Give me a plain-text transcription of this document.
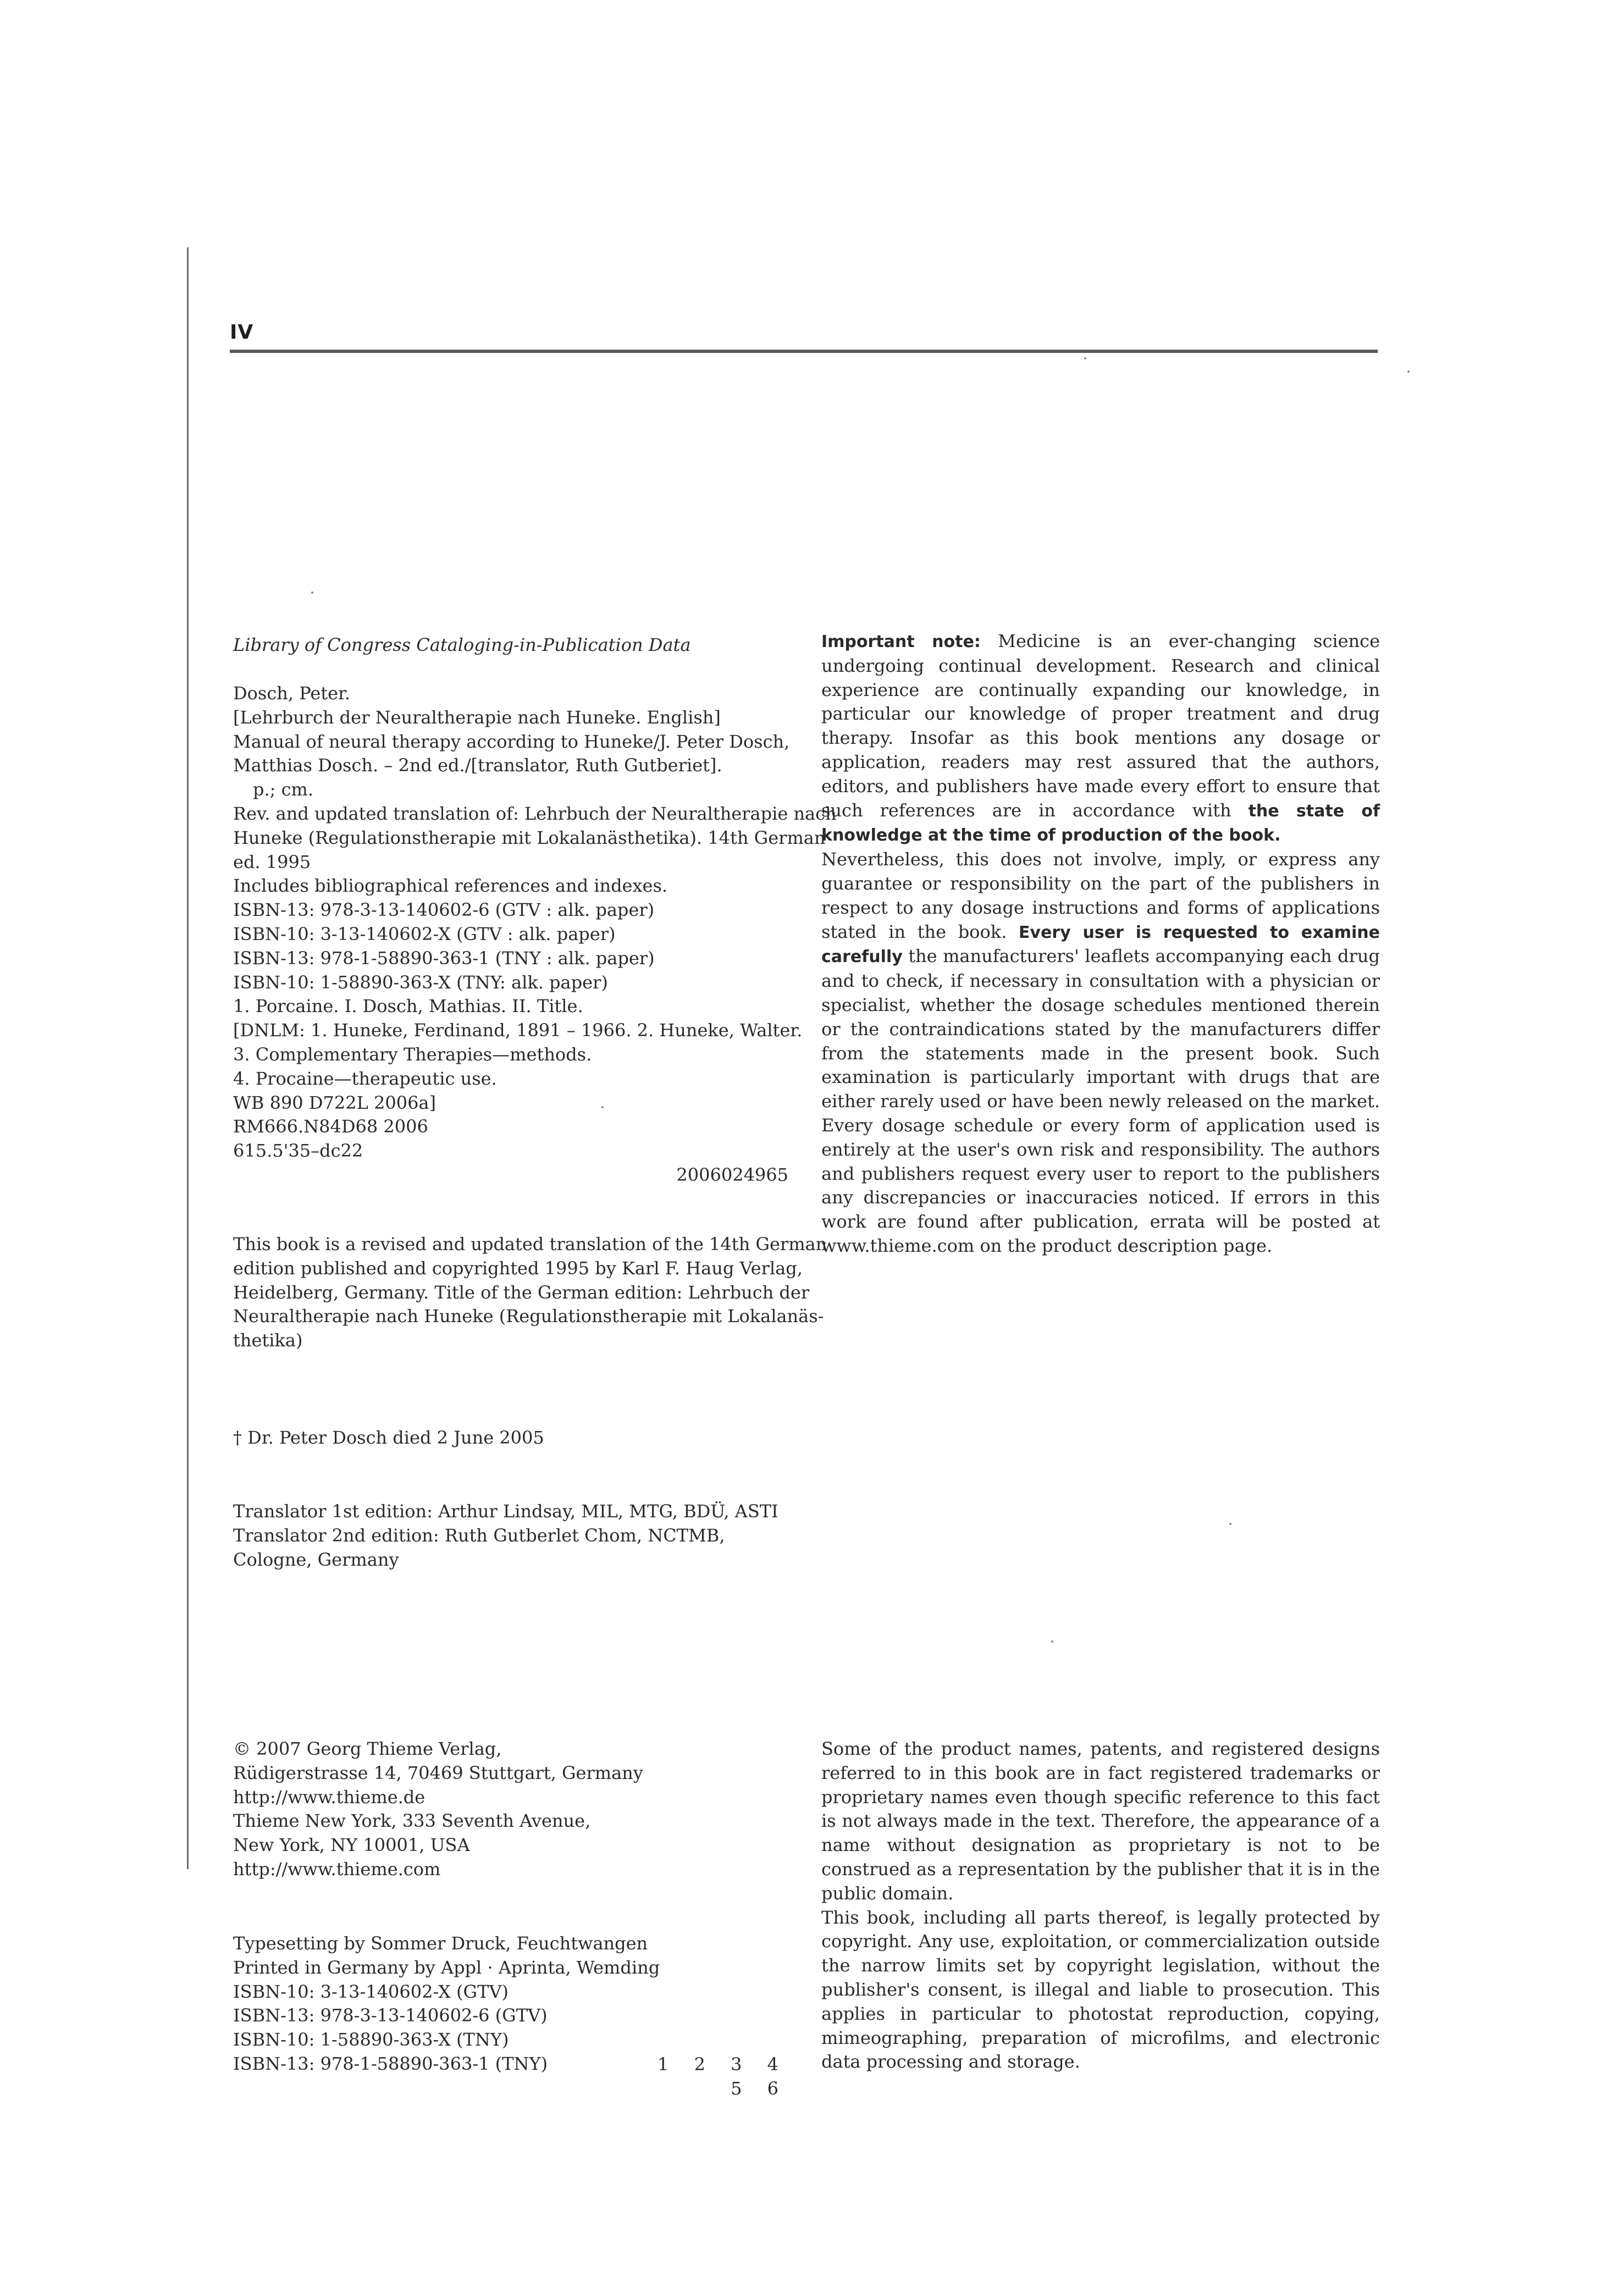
IV
Library of Congress Cataloging-in-Publication Data
Dosch, Peter.
[Lehrburch der Neuraltherapie nach Huneke. English]
Manual of neural therapy according to Huneke/J. Peter Dosch,
Matthias Dosch. – 2nd ed./[translator, Ruth Gutberiet].
p.; cm.
Rev. and updated translation of: Lehrbuch der Neuraltherapie nach
Huneke (Regulationstherapie mit Lokalanästhetika). 14th German
ed. 1995
Includes bibliographical references and indexes.
ISBN-13: 978-3-13-140602-6 (GTV : alk. paper)
ISBN-10: 3-13-140602-X (GTV : alk. paper)
ISBN-13: 978-1-58890-363-1 (TNY : alk. paper)
ISBN-10: 1-58890-363-X (TNY: alk. paper)
1. Porcaine. I. Dosch, Mathias. II. Title.
[DNLM: 1. Huneke, Ferdinand, 1891 – 1966. 2. Huneke, Walter.
3. Complementary Therapies—methods.
4. Procaine—therapeutic use.
WB 890 D722L 2006a]
RM666.N84D68 2006
615.5'35–dc22
2006024965
This book is a revised and updated translation of the 14th German
edition published and copyrighted 1995 by Karl F. Haug Verlag,
Heidelberg, Germany. Title of the German edition: Lehrbuch der
Neuraltherapie nach Huneke (Regulationstherapie mit Lokalanäs-
thetika)
† Dr. Peter Dosch died 2 June 2005
Translator 1st edition: Arthur Lindsay, MIL, MTG, BDÜ, ASTI
Translator 2nd edition: Ruth Gutberlet Chom, NCTMB,
Cologne, Germany
© 2007 Georg Thieme Verlag,
Rüdigerstrasse 14, 70469 Stuttgart, Germany
http://www.thieme.de
Thieme New York, 333 Seventh Avenue,
New York, NY 10001, USA
http://www.thieme.com
Typesetting by Sommer Druck, Feuchtwangen
Printed in Germany by Appl · Aprinta, Wemding
ISBN-10: 3-13-140602-X (GTV)
ISBN-13: 978-3-13-140602-6 (GTV)
ISBN-10: 1-58890-363-X (TNY)
ISBN-13: 978-1-58890-363-1 (TNY)	1 2 3 4 5 6
Important note: Medicine is an ever-changing science undergoing continual development. Research and clinical experience are continually expanding our knowledge, in particular our knowledge of proper treatment and drug therapy. Insofar as this book mentions any dosage or application, readers may rest assured that the authors, editors, and publishers have made every effort to ensure that such references are in accordance with the state of knowledge at the time of production of the book.
Nevertheless, this does not involve, imply, or express any guarantee or responsibility on the part of the publishers in respect to any dosage instructions and forms of applications stated in the book. Every user is requested to examine carefully the manufacturers' leaflets accompanying each drug and to check, if necessary in consultation with a physician or specialist, whether the dosage schedules mentioned therein or the contraindications stated by the manufacturers differ from the statements made in the present book. Such examination is particularly important with drugs that are either rarely used or have been newly released on the market. Every dosage schedule or every form of application used is entirely at the user's own risk and responsibility. The authors and publishers request every user to report to the publishers any discrepancies or inaccuracies noticed. If errors in this work are found after publication, errata will be posted at www.thieme.com on the product description page.
Some of the product names, patents, and registered designs referred to in this book are in fact registered trademarks or proprietary names even though specific reference to this fact is not always made in the text. Therefore, the appearance of a name without designation as proprietary is not to be construed as a representation by the publisher that it is in the public domain.
This book, including all parts thereof, is legally protected by copyright. Any use, exploitation, or commercialization outside the narrow limits set by copyright legislation, without the publisher's consent, is illegal and liable to prosecution. This applies in particular to photostat reproduction, copying, mimeographing, preparation of microfilms, and electronic data processing and storage.
